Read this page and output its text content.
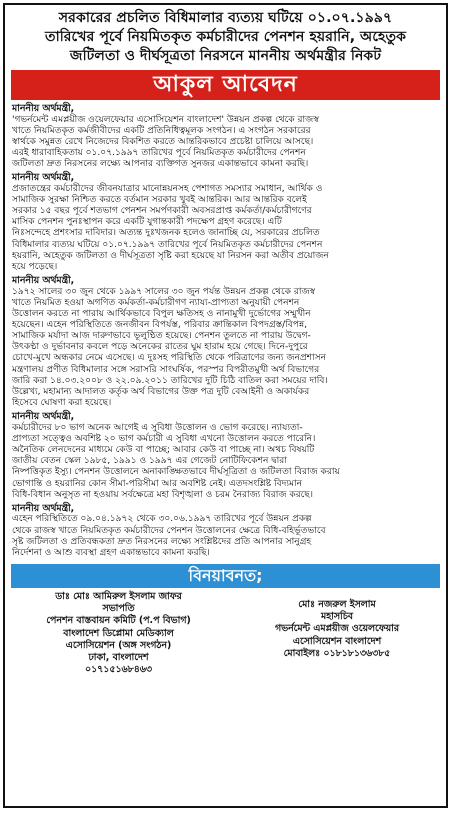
সরকারের প্রচলিত বিধিমালার ব্যত্যয় ঘটিয়ে ০১.০৭.১৯৯৭
তারিখের পূর্বে নিয়মিতকৃত কর্মচারীদের পেনশন হয়রানি, অহেতুক
জটিলতা ও দীর্ঘসূত্রতা নিরসনে মাননীয় অর্থমন্ত্রীর নিকট
আকুল আবেদন
মাননীয় অর্থমন্ত্রী,
'গভর্নমেন্ট এমপ্লয়ীজ ওয়েলফেয়ার এসোসিয়েশন বাংলাদেশ' উন্নয়ন প্রকল্প থেকে রাজস্ব
খাতে নিয়মিতকৃত কর্মজীবীদের একটি প্রতিনিধিত্বমূলক সংগঠন। এ সংগঠন সরকারের
স্বার্থকে সমুন্নত রেখে নিজেদের বিকশিত করতে আন্তরিকভাবে প্রচেষ্টা চালিয়ে আসছে।
এরই ধারাবাহিকতায় ০১.০৭.১৯৯৭ তারিখের পূর্বে নিয়মিতকৃত কর্মচারীদের পেনশন
জটিলতা দ্রুত নিরসনের লক্ষ্যে আপনার ব্যক্তিগত সুনজর একান্তভাবে কামনা করছি।
মাননীয় অর্থমন্ত্রী,
প্রজাতন্ত্রের কর্মচারীদের জীবনযাত্রার মানোন্নয়নসহ পেশাগত সমস্যার সমাধান, আর্থিক ও
সামাজিক সুরক্ষা নিশ্চিত করতে বর্তমান সরকার খুবই আন্তরিক। আর আন্তরিক বলেই
সরকার ১৫ বছর পূর্বে শতভাগ পেনশন সমর্পণকারী অবসরপ্রাপ্ত কর্মকর্তা/কর্মচারীগণের
মাসিক পেনশন পুনঃস্থাপন করে একটি যুগান্তকারী পদক্ষেপ গ্রহণ করেছে। এটি
নিঃসন্দেহে প্রশংসার দাবিদার। অত্যন্ত দুঃখজনক হলেও জানাচ্ছি যে, সরকারের প্রচলিত
বিধিমালার ব্যত্যয় ঘটিয়ে ০১.০৭.১৯৯৭ তারিখের পূর্বে নিয়মিতকৃত কর্মচারীদের পেনশন
হয়রানি, অহেতুক জটিলতা ও দীর্ঘসূত্রতা সৃষ্টি করা হয়েছে যা নিরসন করা অতীব প্রয়োজন
হয়ে পড়েছে।
মাননীয় অর্থমন্ত্রী,
১৯৭২ সালের ৩০ জুন থেকে ১৯৯৭ সালের ৩০ জুন পর্যন্ত উন্নয়ন প্রকল্প থেকে রাজস্ব
খাতে নিয়মিত হওয়া অগণিত কর্মকর্তা-কর্মচারীগণ ন্যায্য-প্রাপ্যতা অনুযায়ী পেনশন
উত্তোলন করতে না পারায় আর্থিকভাবে বিপুল ক্ষতিসহ ও নানামুখী দুর্ভোগের সম্মুখীন
হয়েছেন। এহেন পরিস্থিতিতে জনজীবন বিপর্যস্ত, পরিবার ক্রান্তিকাল বিপদগ্রস্ত/বিপন্ন,
সামাজিক মর্যাদা আজ দারুণভাবে ভূলুণ্ঠিত হয়েছে। পেনশন তুলতে না পারায় উদ্বেগ-
উৎকণ্ঠা ও দুর্ভাবনার কবলে পড়ে অনেকের রাতের ঘুম হারাম হয়ে গেছে। দিনে-দুপুরে
চোখে-মুখে অন্ধকার নেমে এসেছে। এ দুঃসহ পরিস্থিতি থেকে পরিত্রাণের জন্য জনপ্রশাসন
মন্ত্রণালয় প্রণীত বিধিমালার সঙ্গে সরাসরি সাংঘর্ষিক, পরস্পর বিপরীতমুখী অর্থ বিভাগের
জারি করা ১৪.০৩.২০০৮ ও ২২.০৯.২০১১ তারিখের দুটি চিঠি বাতিল করা সময়ের দাবি।
উল্লেখ্য, মহামান্য আদালত কর্তৃক অর্থ বিভাগের উক্ত পত্র দুটি বেআইনী ও অকার্যকর
হিসেবে ঘোষণা করা হয়েছে।
মাননীয় অর্থমন্ত্রী,
কর্মচারীদের ৮০ ভাগ অনেক আগেই এ সুবিধা উত্তোলন ও ভোগ করেছে। ন্যায্যতা-
প্রাপ্যতা সত্ত্বেও অবশিষ্ট ২০ ভাগ কর্মচারী এ সুবিধা এখনো উত্তোলন করতে পারেনি।
অনৈতিক লেনদেনের মাধ্যমে কেউ বা পাচ্ছে; আবার কেউ বা পাচ্ছে না। অথচ বিষয়টি
জাতীয় বেতন স্কেল ১৯৮৫, ১৯৯১ ও ১৯৯৭ এর গেজেট নোটিফিকেশন দ্বারা
নিষ্পত্তিকৃত ইস্যু। পেনশন উত্তোলনে অনাকাঙ্ক্ষিতভাবে দীর্ঘসূত্রিতা ও জটিলতা বিরাজ করায়
ভোগান্তি ও হয়রানির কোন সীমা-পরিসীমা আর অবশিষ্ট নেই। এতদসংশ্লিষ্ট বিদ্যমান
বিধি-বিধান অনুসৃত না হওয়ায় সর্বক্ষেত্রে মহা বিশৃঙ্খলা ও চরম নৈরাজ্য বিরাজ করছে।
মাননীয় অর্থমন্ত্রী,
এহেন পরিস্থিতিতে ০৯.০৪.১৯৭২ থেকে ৩০.০৬.১৯৯৭ তারিখের পূর্বে উন্নয়ন প্রকল্প
থেকে রাজস্ব খাতে নিয়মিতকৃত কর্মচারীদের পেনশন উত্তোলনের ক্ষেত্রে বিধি-বহির্ভূতভাবে
সৃষ্ট জটিলতা ও প্রতিবন্ধকতা দ্রুত নিরসনের লক্ষ্যে সংশ্লিষ্টদের প্রতি আপনার সানুগ্রহ
নির্দেশনা ও আশু ব্যবস্থা গ্রহণ একান্তভাবে কামনা করছি।
বিনয়াবনত;
ডাঃ মোঃ আমিরুল ইসলাম জাফর
সভাপতি
পেনশন বাস্তবায়ন কমিটি (প.প বিভাগ)
বাংলাদেশ ডিপ্লোমা মেডিক্যাল
এসোসিয়েশন (অঙ্গ সংগঠন)
ঢাকা, বাংলাদেশ
০১৭১৫১৬৮৪৬৩
মোঃ নজরুল ইসলাম
মহাসচিব
গভর্নমেন্ট এমপ্লয়ীজ ওয়েলফেয়ার
এসোসিয়েশন বাংলাদেশ
মোবাইলঃ ০১৮১৮১৩৬৩৮৫
